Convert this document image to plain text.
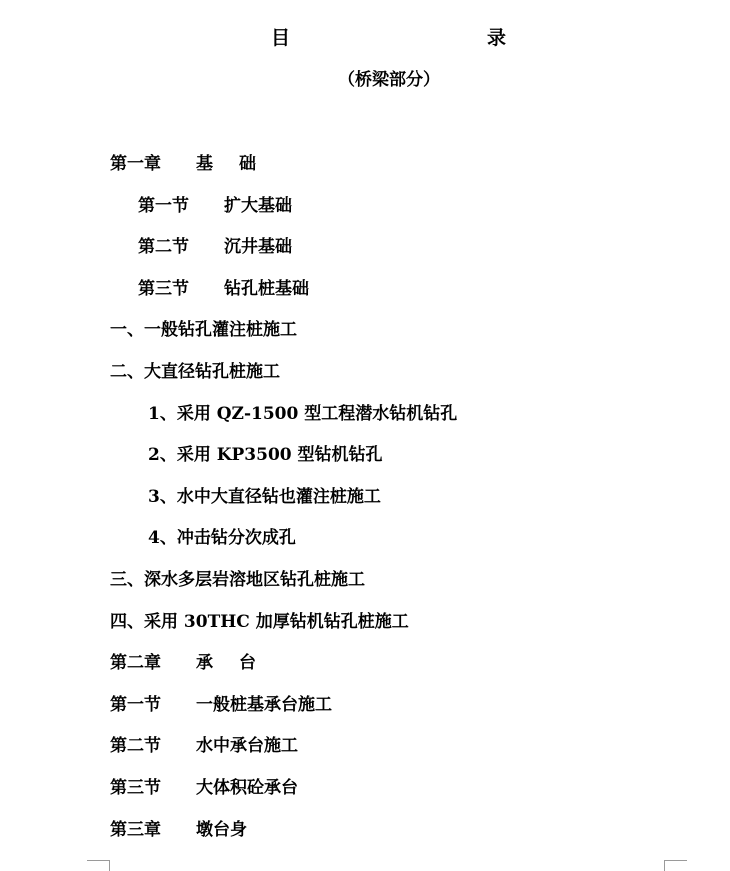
目	录
（桥梁部分）
第一章 基础
第一节 扩大基础
第二节 沉井基础
第三节 钻孔桩基础
一、一般钻孔灌注桩施工
二、大直径钻孔桩施工
1、采用 QZ-1500 型工程潜水钻机钻孔
2、采用 KP3500 型钻机钻孔
3、水中大直径钻也灌注桩施工
4、冲击钻分次成孔
三、深水多层岩溶地区钻孔桩施工
四、采用 30THC 加厚钻机钻孔桩施工
第二章 承台
第一节 一般桩基承台施工
第二节 水中承台施工
第三节 大体积砼承台
第三章 墩台身
